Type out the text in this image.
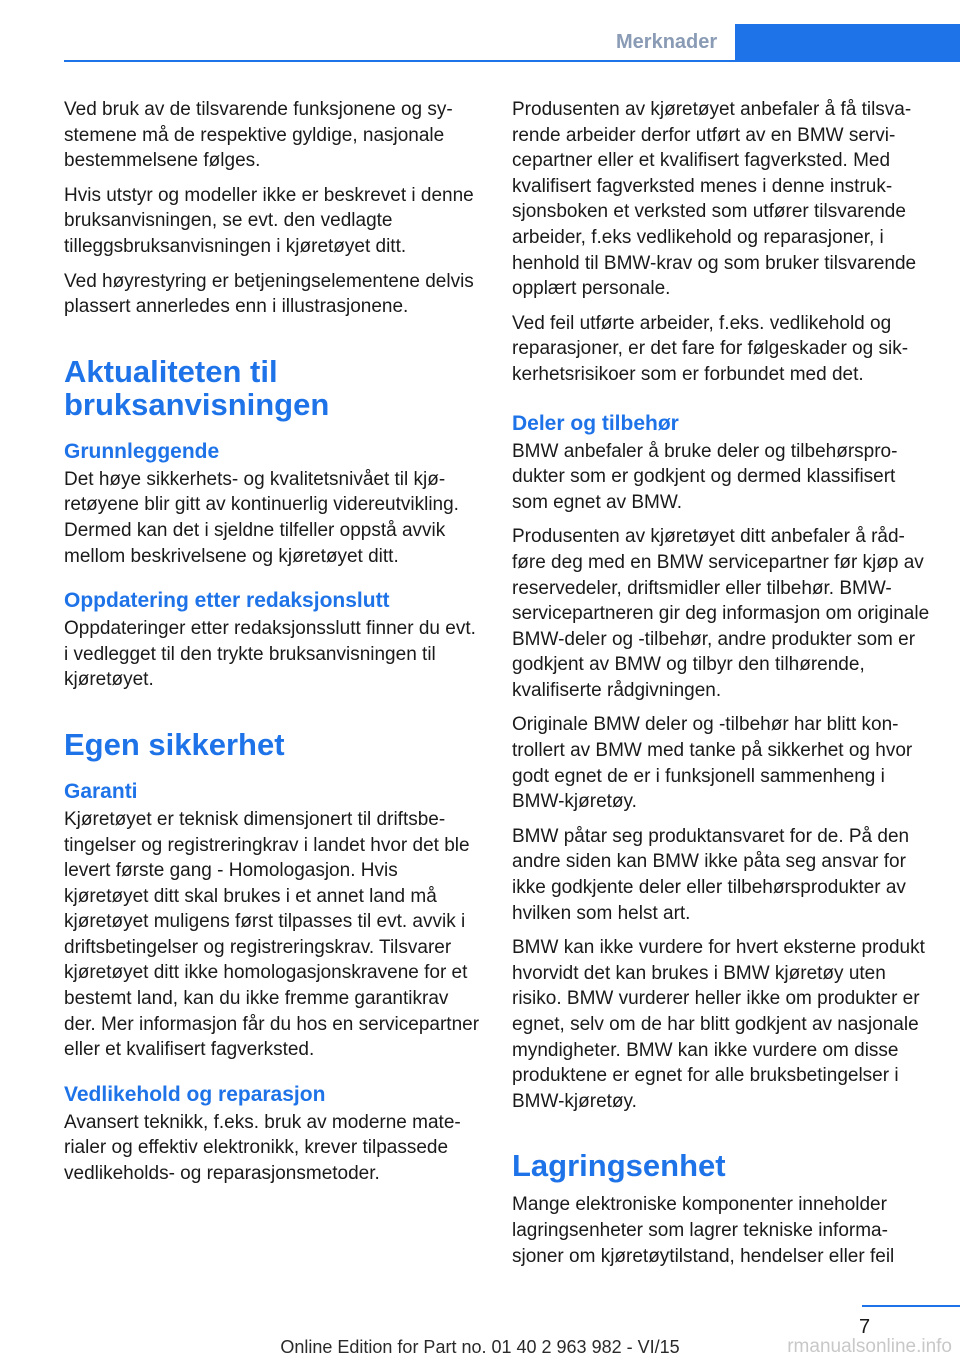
Merknader

Ved bruk av de tilsvarende funksjonene og systemene må de respektive gyldige, nasjonale bestemmelsene følges.

Hvis utstyr og modeller ikke er beskrevet i denne bruksanvisningen, se evt. den vedlagte tilleggsbruksanvisningen i kjøretøyet ditt.

Ved høyrestyring er betjeningselementene delvis plassert annerledes enn i illustrasjonene.

Aktualiteten til bruksanvisningen
Grunnleggende

Det høye sikkerhets- og kvalitetsnivået til kjøretøyene blir gitt av kontinuerlig videreutvikling. Dermed kan det i sjeldne tilfeller oppstå avvik mellom beskrivelsene og kjøretøyet ditt.

Oppdatering etter redaksjonslutt

Oppdateringer etter redaksjonsslutt finner du evt. i vedlegget til den trykte bruksanvisningen til kjøretøyet.

Egen sikkerhet
Garanti

Kjøretøyet er teknisk dimensjonert til driftsbetingelser og registreringkrav i landet hvor det ble levert første gang - Homologasjon. Hvis kjøretøyet ditt skal brukes i et annet land må kjøretøyet muligens først tilpasses til evt. avvik i driftsbetingelser og registreringskrav. Tilsvarer kjøretøyet ditt ikke homologasjonskravene for et bestemt land, kan du ikke fremme garantikrav der. Mer informasjon får du hos en servicepartner eller et kvalifisert fagverksted.

Vedlikehold og reparasjon

Avansert teknikk, f.eks. bruk av moderne materialer og effektiv elektronikk, krever tilpassede vedlikeholds- og reparasjonsmetoder.

Produsenten av kjøretøyet anbefaler å få tilsvarende arbeider derfor utført av en BMW servicepartner eller et kvalifisert fagverksted. Med kvalifisert fagverksted menes i denne instruksjonsboken et verksted som utfører tilsvarende arbeider, f.eks vedlikehold og reparasjoner, i henhold til BMW-krav og som bruker tilsvarende opplært personale.

Ved feil utførte arbeider, f.eks. vedlikehold og reparasjoner, er det fare for følgeskader og sikkerhetsrisikoer som er forbundet med det.

Deler og tilbehør

BMW anbefaler å bruke deler og tilbehørsprodukter som er godkjent og dermed klassifisert som egnet av BMW.

Produsenten av kjøretøyet ditt anbefaler å rådføre deg med en BMW servicepartner før kjøp av reservedeler, driftsmidler eller tilbehør. BMW-servicepartneren gir deg informasjon om originale BMW-deler og -tilbehør, andre produkter som er godkjent av BMW og tilbyr den tilhørende, kvalifiserte rådgivningen.

Originale BMW deler og -tilbehør har blitt kontrollert av BMW med tanke på sikkerhet og hvor godt egnet de er i funksjonell sammenheng i BMW-kjøretøy.

BMW påtar seg produktansvaret for de. På den andre siden kan BMW ikke påta seg ansvar for ikke godkjente deler eller tilbehørsprodukter av hvilken som helst art.

BMW kan ikke vurdere for hvert eksterne produkt hvorvidt det kan brukes i BMW kjøretøy uten risiko. BMW vurderer heller ikke om produkter er egnet, selv om de har blitt godkjent av nasjonale myndigheter. BMW kan ikke vurdere om disse produktene er egnet for alle bruksbetingelser i BMW-kjøretøy.

Lagringsenhet

Mange elektroniske komponenter inneholder lagringsenheter som lagrer tekniske informasjoner om kjøretøytilstand, hendelser eller feil

7
Online Edition for Part no. 01 40 2 963 982 - VI/15	rmanualsonline.info
